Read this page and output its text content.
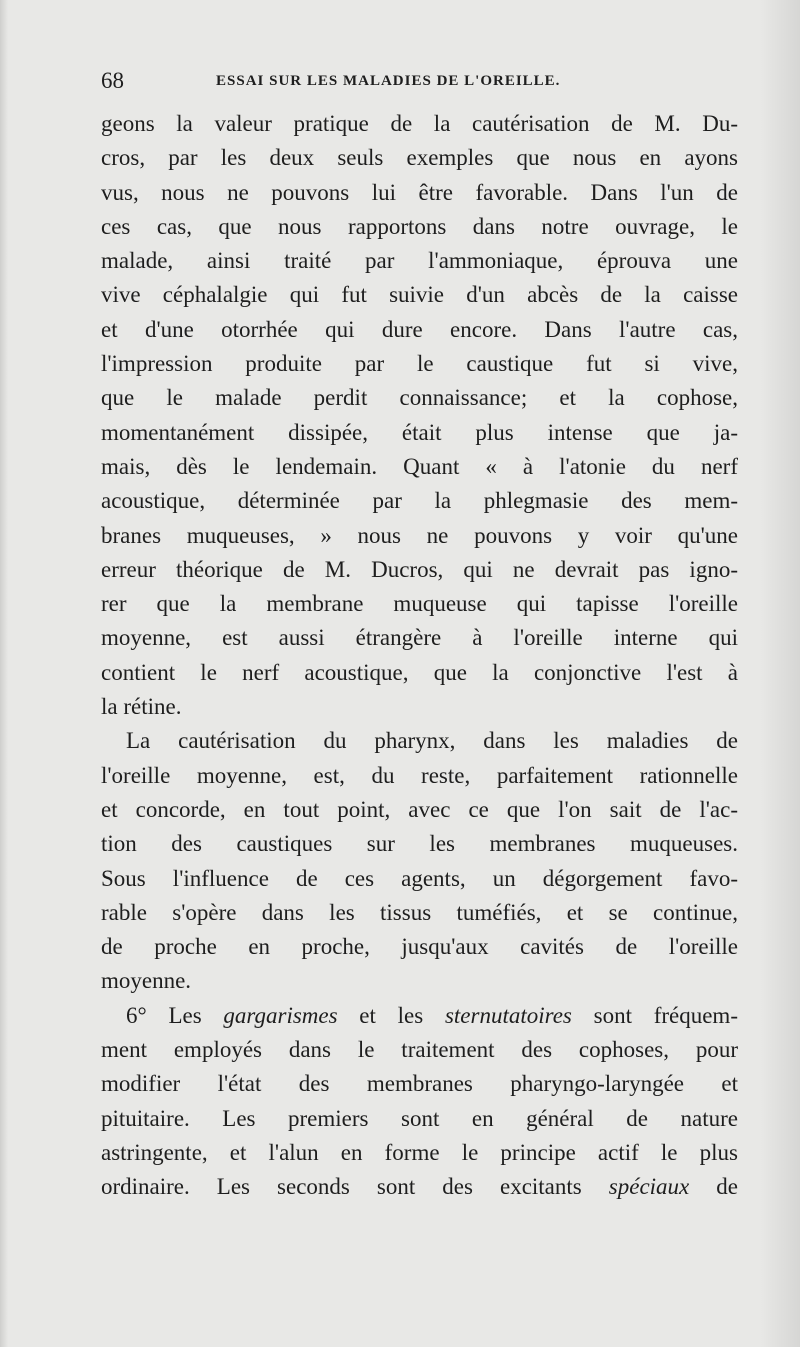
68	ESSAI SUR LES MALADIES DE L'OREILLE.
geons la valeur pratique de la cautérisation de M. Du-
cros, par les deux seuls exemples que nous en ayons
vus, nous ne pouvons lui être favorable. Dans l'un de
ces cas, que nous rapportons dans notre ouvrage, le
malade, ainsi traité par l'ammoniaque, éprouva une
vive céphalalgie qui fut suivie d'un abcès de la caisse
et d'une otorrhée qui dure encore. Dans l'autre cas,
l'impression produite par le caustique fut si vive,
que le malade perdit connaissance; et la cophose,
momentanément dissipée, était plus intense que ja-
mais, dès le lendemain. Quant « à l'atonie du nerf
acoustique, déterminée par la phlegmasie des mem-
branes muqueuses, » nous ne pouvons y voir qu'une
erreur théorique de M. Ducros, qui ne devrait pas igno-
rer que la membrane muqueuse qui tapisse l'oreille
moyenne, est aussi étrangère à l'oreille interne qui
contient le nerf acoustique, que la conjonctive l'est à
la rétine.
La cautérisation du pharynx, dans les maladies de
l'oreille moyenne, est, du reste, parfaitement rationnelle
et concorde, en tout point, avec ce que l'on sait de l'ac-
tion des caustiques sur les membranes muqueuses.
Sous l'influence de ces agents, un dégorgement favo-
rable s'opère dans les tissus tuméfiés, et se continue,
de proche en proche, jusqu'aux cavités de l'oreille
moyenne.
6° Les gargarismes et les sternutatoires sont fréquem-
ment employés dans le traitement des cophoses, pour
modifier l'état des membranes pharyngo-laryngée et
pituitaire. Les premiers sont en général de nature
astringente, et l'alun en forme le principe actif le plus
ordinaire. Les seconds sont des excitants spéciaux de
